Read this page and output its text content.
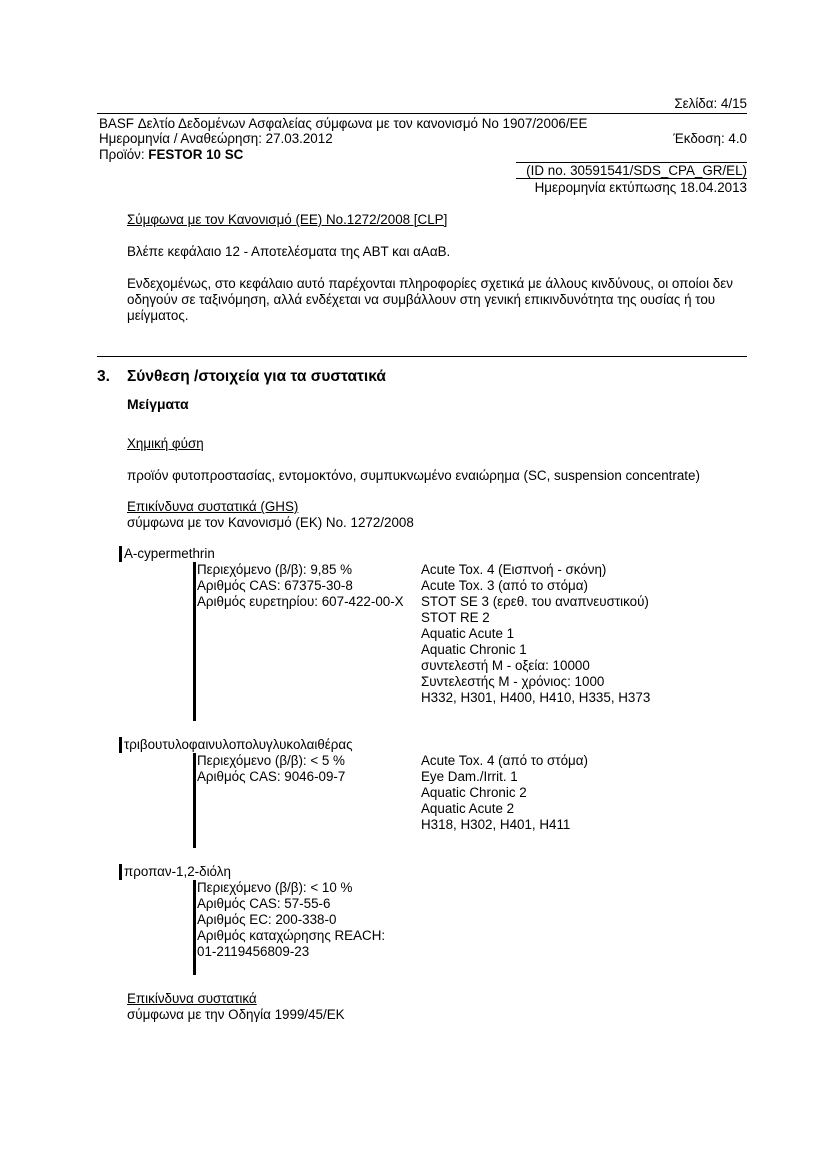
Σελίδα: 4/15
BASF Δελτίο Δεδομένων Ασφαλείας σύμφωνα με τον κανονισμό Nο 1907/2006/ΕΕ
Ημερομηνία / Αναθεώρηση: 27.03.2012	Έκδοση: 4.0
Προϊόν: FESTOR 10 SC
(ID no. 30591541/SDS_CPA_GR/EL)
Ημερομηνία εκτύπωσης 18.04.2013
Σύμφωνα με τον Κανονισμό (ΕΕ) No.1272/2008 [CLP]
Βλέπε κεφάλαιο 12 - Αποτελέσματα της ΑΒΤ και αΑαΒ.
Ενδεχομένως, στο κεφάλαιο αυτό παρέχονται πληροφορίες σχετικά με άλλους κινδύνους, οι οποίοι δεν οδηγούν σε ταξινόμηση, αλλά ενδέχεται να συμβάλλουν στη γενική επικινδυνότητα της ουσίας ή του μείγματος.
3. Σύνθεση /στοιχεία για τα συστατικά
Μείγματα
Χημική φύση
προϊόν φυτοπροστασίας, εντομοκτόνο, συμπυκνωμένο εναιώρημα (SC, suspension concentrate)
Επικίνδυνα συστατικά (GHS)
σύμφωνα με τον Κανονισμό (ΕΚ) No. 1272/2008
A-cypermethrin
Περιεχόμενο (β/β): 9,85 %
Αριθμός CAS: 67375-30-8
Αριθμός ευρετηρίου: 607-422-00-X
Acute Tox. 4 (Εισπνοή - σκόνη)
Acute Tox. 3 (από το στόμα)
STOT SE 3 (ερεθ. του αναπνευστικού)
STOT RE 2
Aquatic Acute 1
Aquatic Chronic 1
συντελεστή M - οξεία: 10000
Συντελεστής M - χρόνιος: 1000
H332, H301, H400, H410, H335, H373
τριβουτυλοφαινυλοπολυγλυκολαιθέρας
Περιεχόμενο (β/β): < 5 %
Αριθμός CAS: 9046-09-7
Acute Tox. 4 (από το στόμα)
Eye Dam./Irrit. 1
Aquatic Chronic 2
Aquatic Acute 2
H318, H302, H401, H411
προπαν-1,2-διόλη
Περιεχόμενο (β/β): < 10 %
Αριθμός CAS: 57-55-6
Αριθμός EC: 200-338-0
Αριθμός καταχώρησης REACH:
01-2119456809-23
Επικίνδυνα συστατικά
σύμφωνα με την Οδηγία 1999/45/ΕΚ
